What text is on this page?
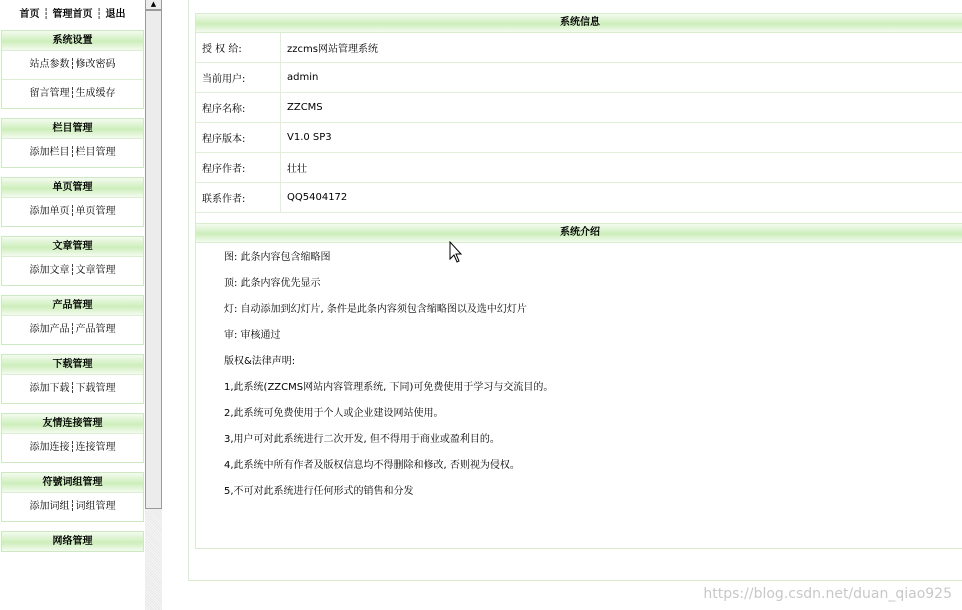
首页 ┆ 管理首页 ┆ 退出
系统设置
站点参数┆修改密码
留言管理┆生成缓存
栏目管理
添加栏目┆栏目管理
单页管理
添加单页┆单页管理
文章管理
添加文章┆文章管理
产品管理
添加产品┆产品管理
下载管理
添加下载┆下载管理
友情连接管理
添加连接┆连接管理
符號词组管理
添加词组┆词组管理
网络管理
▲
系统信息
授 权 给:	zzcms网站管理系统
当前用户:	admin
程序名称:	ZZCMS
程序版本:	V1.0 SP3
程序作者:	壮壮
联系作者:	QQ5404172
系统介绍
图: 此条内容包含缩略图
顶: 此条内容优先显示
灯: 自动添加到幻灯片, 条件是此条内容须包含缩略图以及选中幻灯片
审: 审核通过
版权&法律声明:
1,此系统(ZZCMS网站内容管理系统, 下同)可免费使用于学习与交流目的。
2,此系统可免费使用于个人或企业建设网站使用。
3,用户可对此系统进行二次开发, 但不得用于商业或盈利目的。
4,此系统中所有作者及版权信息均不得删除和修改, 否则视为侵权。
5,不可对此系统进行任何形式的销售和分发
https://blog.csdn.net/duan_qiao925
